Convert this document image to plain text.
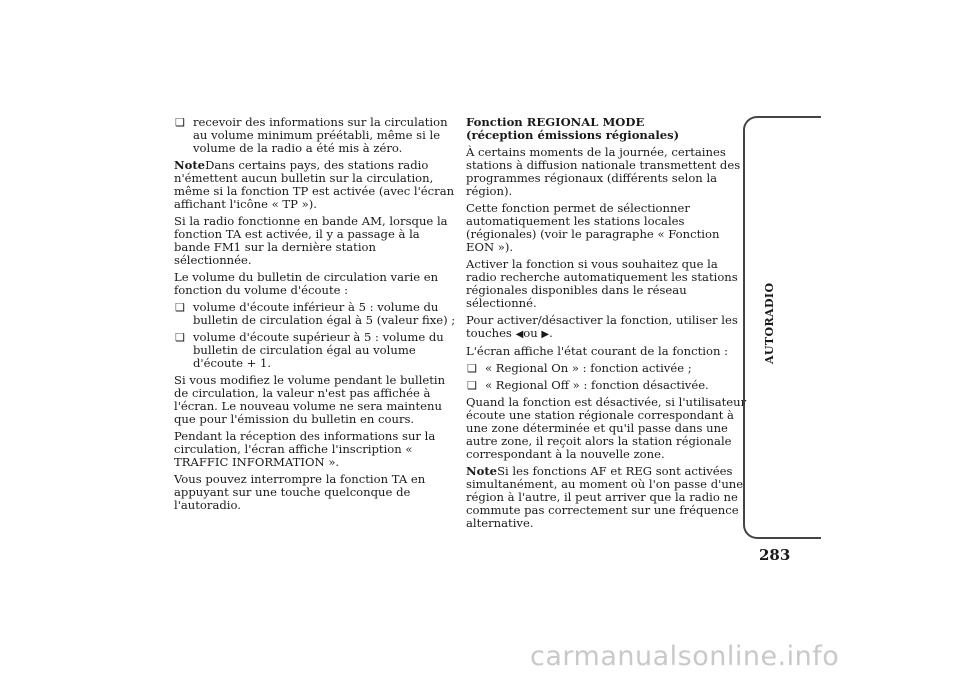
❑ recevoir des informations sur la circulation au volume minimum préétabli, même si le volume de la radio a été mis à zéro.

NoteDans certains pays, des stations radio n'émettent aucun bulletin sur la circulation, même si la fonction TP est activée (avec l'écran affichant l'icône « TP »).

Si la radio fonctionne en bande AM, lorsque la fonction TA est activée, il y a passage à la bande FM1 sur la dernière station sélectionnée.

Le volume du bulletin de circulation varie en fonction du volume d'écoute :

❑ volume d'écoute inférieur à 5 : volume du bulletin de circulation égal à 5 (valeur fixe) ;
❑ volume d'écoute supérieur à 5 : volume du bulletin de circulation égal au volume d'écoute + 1.

Si vous modifiez le volume pendant le bulletin de circulation, la valeur n'est pas affichée à l'écran. Le nouveau volume ne sera maintenu que pour l'émission du bulletin en cours.

Pendant la réception des informations sur la circulation, l'écran affiche l'inscription « TRAFFIC INFORMATION ».

Vous pouvez interrompre la fonction TA en appuyant sur une touche quelconque de l'autoradio.

Fonction REGIONAL MODE

(réception émissions régionales)

À certains moments de la journée, certaines stations à diffusion nationale transmettent des programmes régionaux (différents selon la région).

Cette fonction permet de sélectionner automatiquement les stations locales (régionales) (voir le paragraphe « Fonction EON »).

Activer la fonction si vous souhaitez que la radio recherche automatiquement les stations régionales disponibles dans le réseau sélectionné.

Pour activer/désactiver la fonction, utiliser les touches ◀ou ▶.

L'écran affiche l'état courant de la fonction :

❑ « Regional On » : fonction activée ;
❑ « Regional Off » : fonction désactivée.

Quand la fonction est désactivée, si l'utilisateur écoute une station régionale correspondant à une zone déterminée et qu'il passe dans une autre zone, il reçoit alors la station régionale correspondant à la nouvelle zone.

NoteSi les fonctions AF et REG sont activées simultanément, au moment où l'on passe d'une région à l'autre, il peut arriver que la radio ne commute pas correctement sur une fréquence alternative.

AUTORADIO
283
carmanualsonline.info
